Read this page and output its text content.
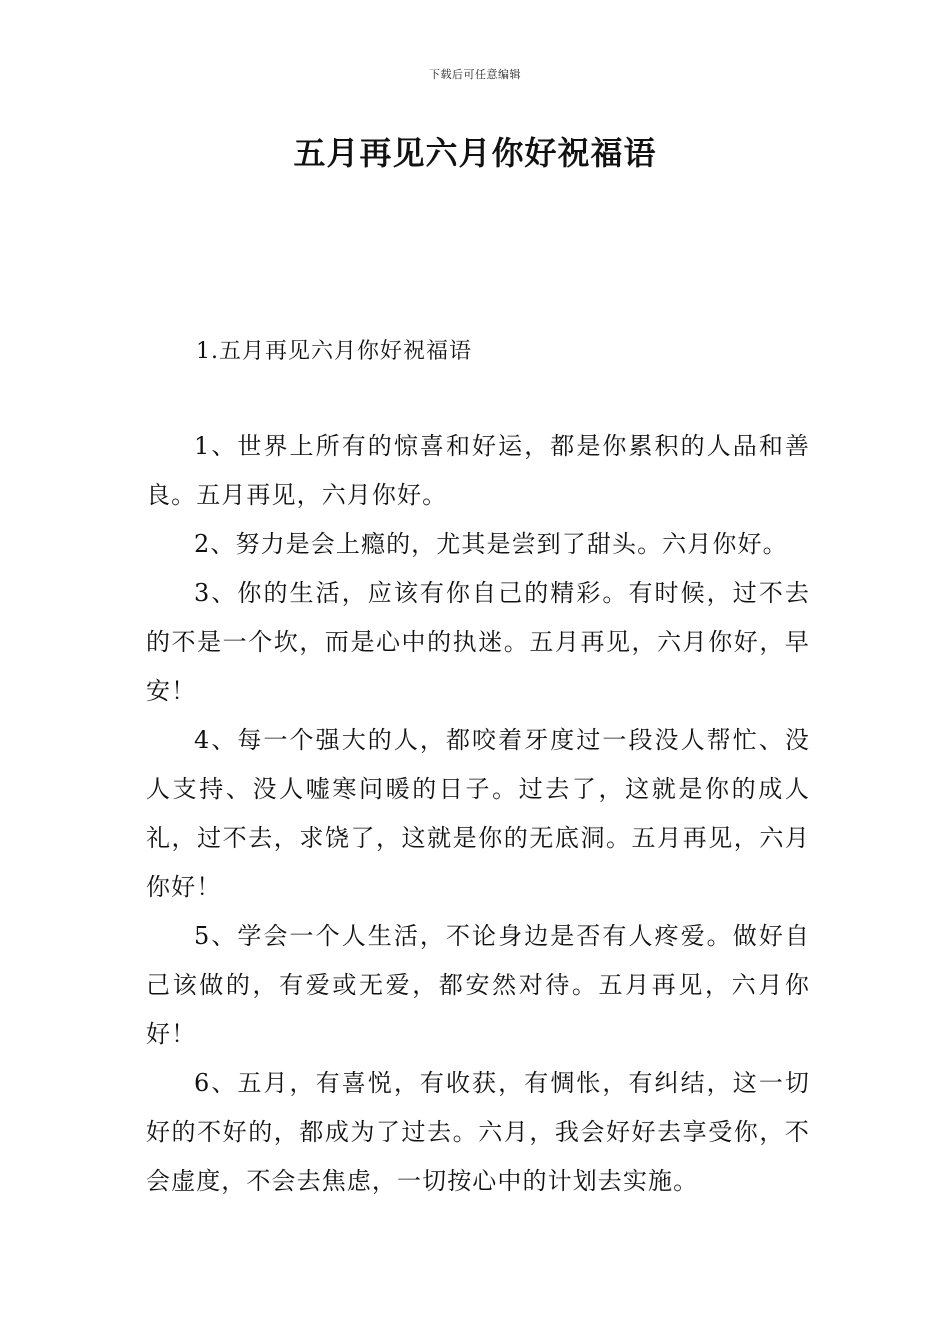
下载后可任意编辑
五月再见六月你好祝福语
1.五月再见六月你好祝福语

1、世界上所有的惊喜和好运，都是你累积的人品和善良。五月再见，六月你好。

2、努力是会上瘾的，尤其是尝到了甜头。六月你好。

3、你的生活，应该有你自己的精彩。有时候，过不去的不是一个坎，而是心中的执迷。五月再见，六月你好，早安！

4、每一个强大的人，都咬着牙度过一段没人帮忙、没人支持、没人嘘寒问暖的日子。过去了，这就是你的成人礼，过不去，求饶了，这就是你的无底洞。五月再见，六月你好！

5、学会一个人生活，不论身边是否有人疼爱。做好自己该做的，有爱或无爱，都安然对待。五月再见，六月你好！

6、五月，有喜悦，有收获，有惆怅，有纠结，这一切好的不好的，都成为了过去。六月，我会好好去享受你，不会虚度，不会去焦虑，一切按心中的计划去实施。
